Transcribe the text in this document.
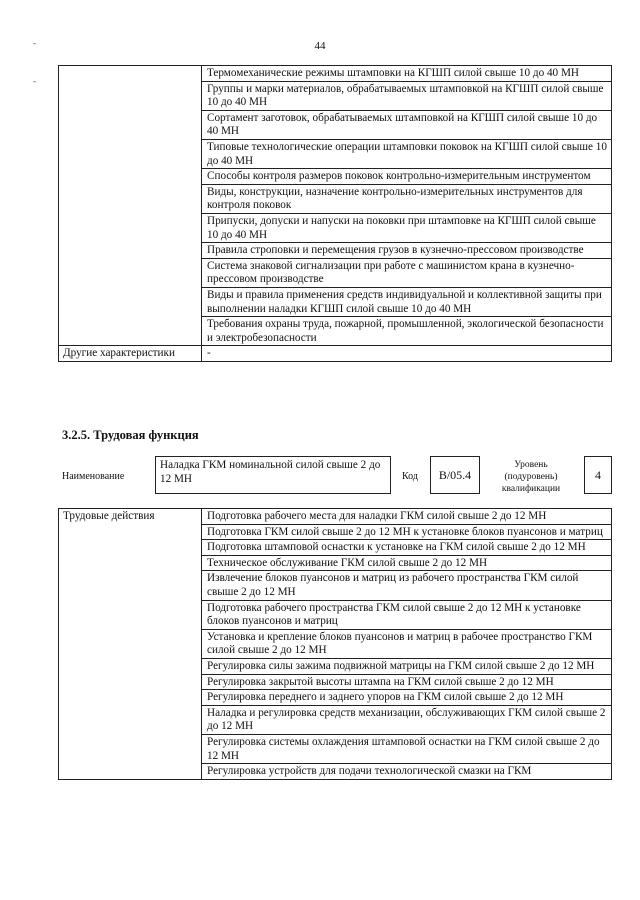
44
-
-
	Термомеханические режимы штамповки на КГШП силой свыше 10 до 40 МН
	Группы и марки материалов, обрабатываемых штамповкой на КГШП силой свыше 10 до 40 МН
	Сортамент заготовок, обрабатываемых штамповкой на КГШП силой свыше 10 до 40 МН
	Типовые технологические операции штамповки поковок на КГШП силой свыше 10 до 40 МН
	Способы контроля размеров поковок контрольно-измерительным инструментом
	Виды, конструкции, назначение контрольно-измерительных инструментов для контроля поковок
	Припуски, допуски и напуски на поковки при штамповке на КГШП силой свыше 10 до 40 МН
	Правила строповки и перемещения грузов в кузнечно-прессовом производстве
	Система знаковой сигнализации при работе с машинистом крана в кузнечно-прессовом производстве
	Виды и правила применения средств индивидуальной и коллективной защиты при выполнении наладки КГШП силой свыше 10 до 40 МН
	Требования охраны труда, пожарной, промышленной, экологической безопасности и электробезопасности
Другие характеристики	-
3.2.5. Трудовая функция
Наименование
Наладка ГКМ номинальной силой свыше 2 до 12 МН	Код	В/05.4
Уровень
(подуровень)
квалификации
4
Трудовые действия	Подготовка рабочего места для наладки ГКМ силой свыше 2 до 12 МН
Подготовка ГКМ силой свыше 2 до 12 МН к установке блоков пуансонов и матриц
Подготовка штамповой оснастки к установке на ГКМ силой свыше 2 до 12 МН
Техническое обслуживание ГКМ силой свыше 2 до 12 МН
Извлечение блоков пуансонов и матриц из рабочего пространства ГКМ силой свыше 2 до 12 МН
Подготовка рабочего пространства ГКМ силой свыше 2 до 12 МН к установке блоков пуансонов и матриц
Установка и крепление блоков пуансонов и матриц в рабочее пространство ГКМ силой свыше 2 до 12 МН
Регулировка силы зажима подвижной матрицы на ГКМ силой свыше 2 до 12 МН
Регулировка закрытой высоты штампа на ГКМ силой свыше 2 до 12 МН
Регулировка переднего и заднего упоров на ГКМ силой свыше 2 до 12 МН
Наладка и регулировка средств механизации, обслуживающих ГКМ силой свыше 2 до 12 МН
Регулировка системы охлаждения штамповой оснастки на ГКМ силой свыше 2 до 12 МН
Регулировка устройств для подачи технологической смазки на ГКМ
